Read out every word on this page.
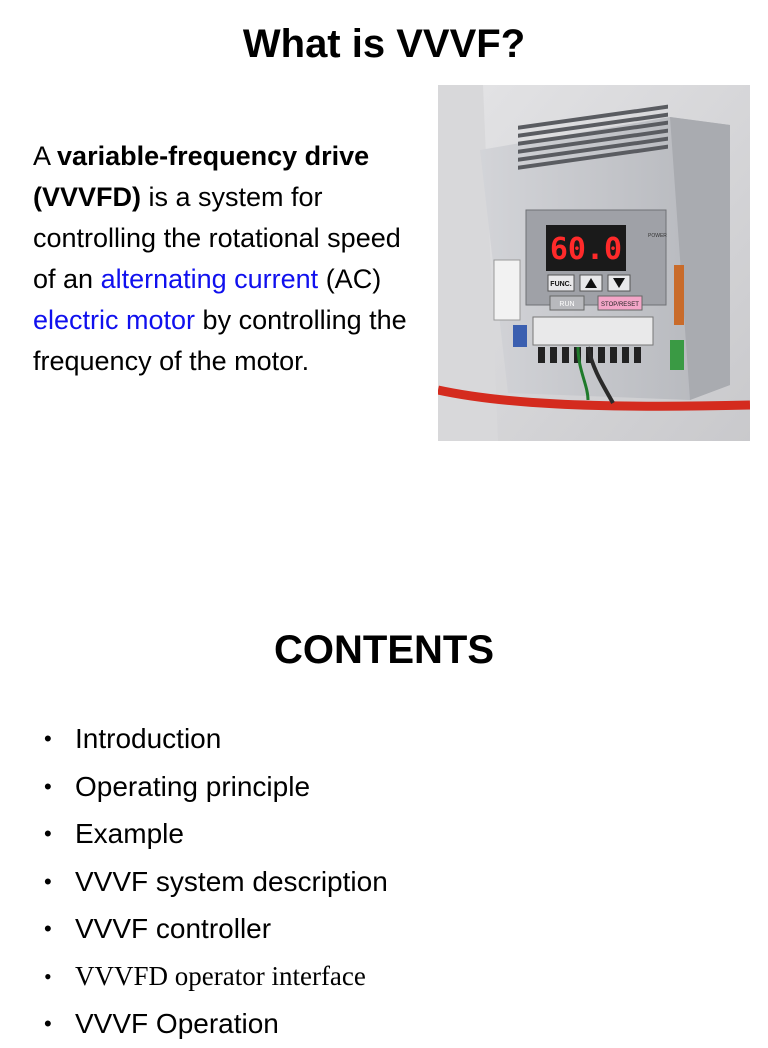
What is VVVF?

A variable-frequency drive (VVVFD) is a system for controlling the rotational speed of an alternating current (AC) electric motor by controlling the frequency of the motor.

60.0	POWER
FUNC.
RUN	STOP/RESET
CONTENTS
• Introduction
• Operating principle
• Example
• VVVF system description
• VVVF controller
• VVVFD operator interface
• VVVF Operation
